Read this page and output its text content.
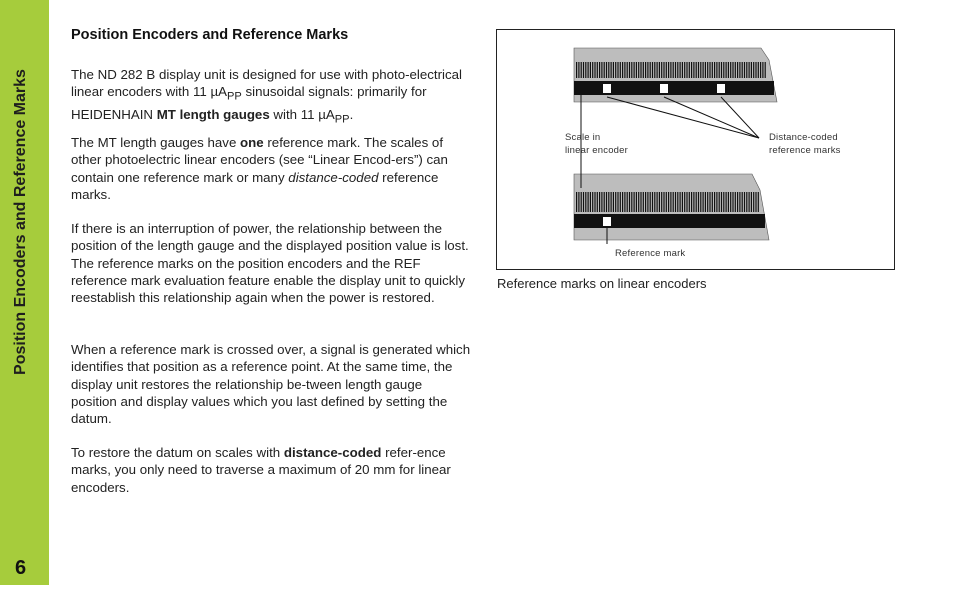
Position Encoders and Reference Marks
6
Position Encoders and Reference Marks

The ND 282 B display unit is designed for use with photo-electrical linear encoders with 11 µA$_{PP}$ sinusoidal signals: primarily for HEIDENHAIN MT length gauges with 11 µA$_{PP}$.

The MT length gauges have one reference mark. The scales of other photoelectric linear encoders (see “Linear Encod-ers”) can contain one reference mark or many distance-coded reference marks.

If there is an interruption of power, the relationship between the position of the length gauge and the displayed position value is lost. The reference marks on the position encoders and the REF reference mark evaluation feature enable the display unit to quickly reestablish this relationship again when the power is restored.

When a reference mark is crossed over, a signal is generated which identifies that position as a reference point. At the same time, the display unit restores the relationship be-tween length gauge position and display values which you last defined by setting the datum.

To restore the datum on scales with distance-coded refer-ence marks, you only need to traverse a maximum of 20 mm for linear encoders.

Scale in
linear encoder
Distance-coded
reference marks
Reference mark
Reference marks on linear encoders
